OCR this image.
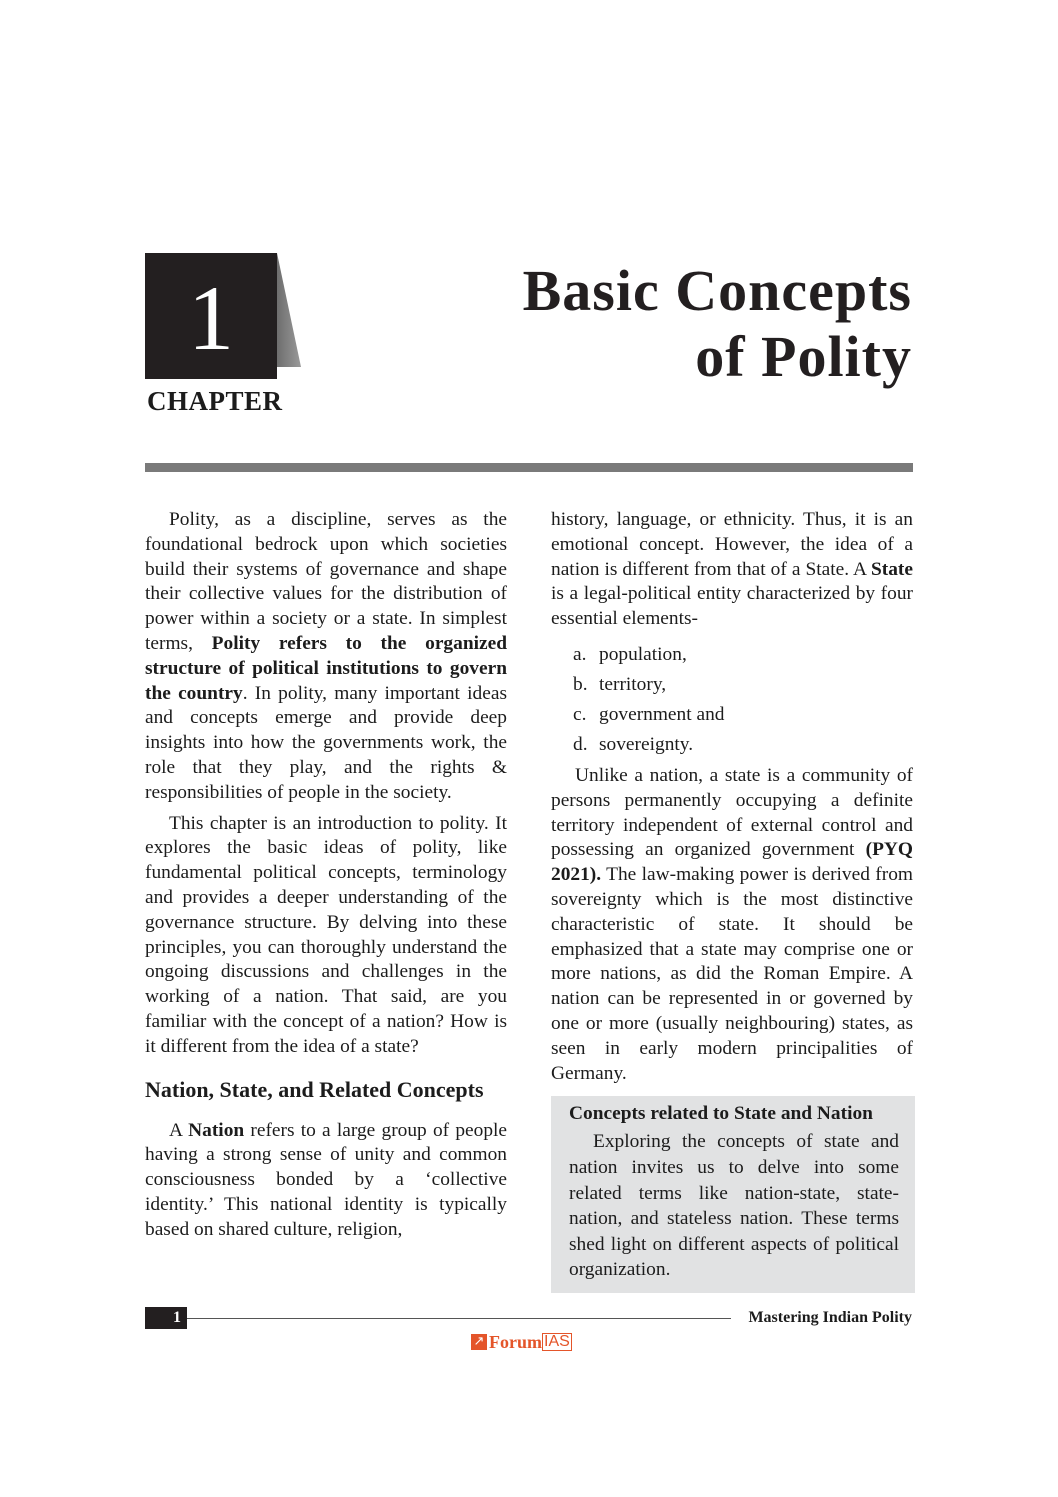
1
CHAPTER
Basic Concepts
of Polity

Polity, as a discipline, serves as the foundational bedrock upon which societies build their systems of governance and shape their collective values for the distribution of power within a society or a state. In simplest terms, Polity refers to the organized structure of political institutions to govern the country. In polity, many important ideas and concepts emerge and provide deep insights into how the governments work, the role that they play, and the rights & responsibilities of people in the society.

This chapter is an introduction to polity. It explores the basic ideas of polity, like fundamental political concepts, terminology and provides a deeper understanding of the governance structure. By delving into these principles, you can thoroughly understand the ongoing discussions and challenges in the working of a nation. That said, are you familiar with the concept of a nation? How is it different from the idea of a state?

Nation, State, and Related Concepts

A Nation refers to a large group of people having a strong sense of unity and common consciousness bonded by a ‘collective identity.’ This national identity is typically based on shared culture, religion,

history, language, or ethnicity. Thus, it is an emotional concept. However, the idea of a nation is different from that of a State. A State is a legal-political entity characterized by four essential elements-

a. population,
b. territory,
c. government and
d. sovereignty.

Unlike a nation, a state is a community of persons permanently occupying a definite territory independent of external control and possessing an organized government (PYQ 2021). The law-making power is derived from sovereignty which is the most distinctive characteristic of state. It should be emphasized that a state may comprise one or more nations, as did the Roman Empire. A nation can be represented in or governed by one or more (usually neighbouring) states, as seen in early modern principalities of Germany.

Concepts related to State and Nation

Exploring the concepts of state and nation invites us to delve into some related terms like nation-state, state-nation, and stateless nation. These terms shed light on different aspects of political organization.

1	Mastering Indian Polity
↗ Forum IAS
